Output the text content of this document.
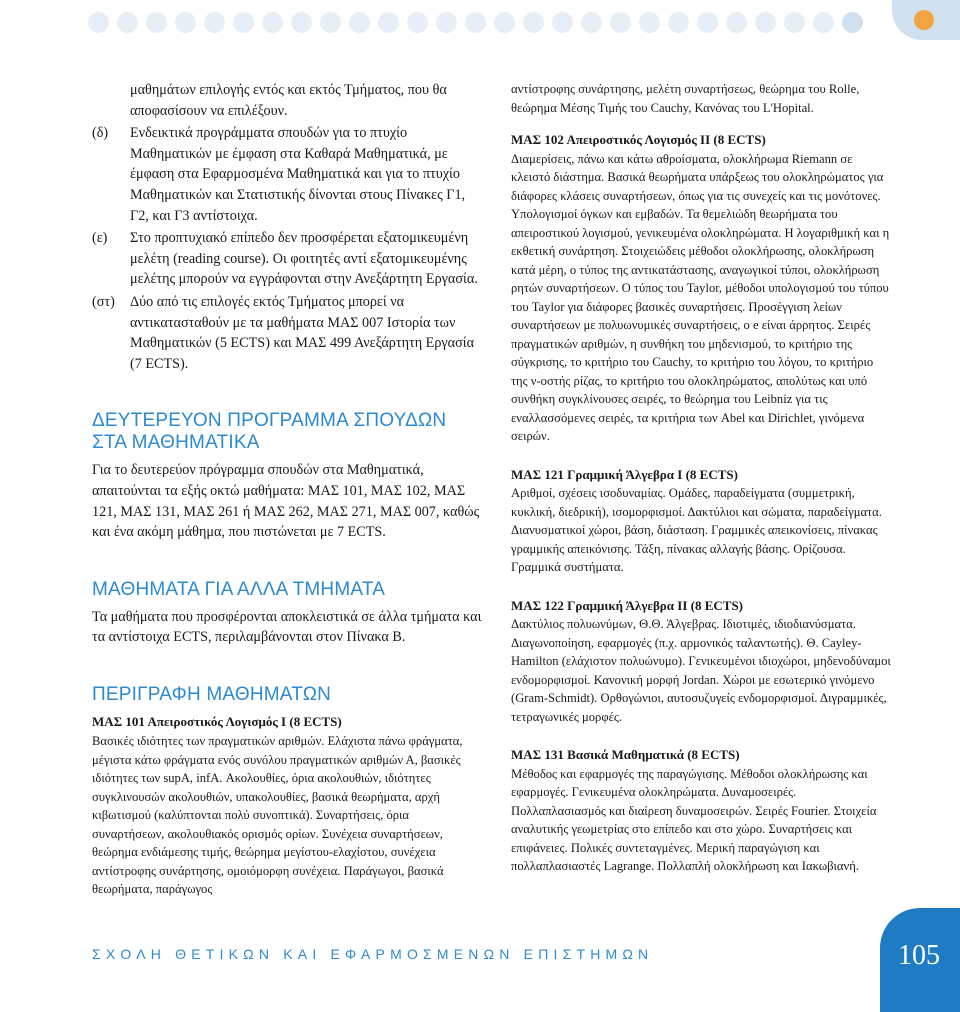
μαθημάτων επιλογής εντός και εκτός Τμήματος, που θα αποφασίσουν να επιλέξουν.

(δ)	Ενδεικτικά προγράμματα σπουδών για το πτυχίο Μαθηματικών με έμφαση στα Καθαρά Μαθηματικά, με έμφαση στα Εφαρμοσμένα Μαθηματικά και για το πτυχίο Μαθηματικών και Στατιστικής δίνονται στους Πίνακες Γ1, Γ2, και Γ3 αντίστοιχα.
(ε)	Στο προπτυχιακό επίπεδο δεν προσφέρεται εξατομικευμένη μελέτη (reading course). Οι φοιτητές αντί εξατομικευμένης μελέτης μπορούν να εγγράφονται στην Ανεξάρτητη Εργασία.
(στ)	Δύο από τις επιλογές εκτός Τμήματος μπορεί να αντικατασταθούν με τα μαθήματα ΜΑΣ 007 Ιστορία των Μαθηματικών (5 ECTS) και ΜΑΣ 499 Ανεξάρτητη Εργασία (7 ECTS).
ΔΕΥΤΕΡΕΥΟΝ ΠΡΟΓΡΑΜΜΑ ΣΠΟΥΔΩΝ ΣΤΑ ΜΑΘΗΜΑΤΙΚΑ

Για το δευτερεύον πρόγραμμα σπουδών στα Μαθηματικά, απαιτούνται τα εξής οκτώ μαθήματα: ΜΑΣ 101, ΜΑΣ 102, ΜΑΣ 121, ΜΑΣ 131, ΜΑΣ 261 ή ΜΑΣ 262, ΜΑΣ 271, ΜΑΣ 007, καθώς και ένα ακόμη μάθημα, που πιστώνεται με 7 ECTS.

ΜΑΘΗΜΑΤΑ ΓΙΑ ΑΛΛΑ ΤΜΗΜΑΤΑ

Τα μαθήματα που προσφέρονται αποκλειστικά σε άλλα τμήματα και τα αντίστοιχα ECTS, περιλαμβάνονται στον Πίνακα Β.

ΠΕΡΙΓΡΑΦΗ ΜΑΘΗΜΑΤΩΝ

ΜΑΣ 101 Απειροστικός Λογισμός Ι (8 ECTS)

Βασικές ιδιότητες των πραγματικών αριθμών. Ελάχιστα πάνω φράγματα, μέγιστα κάτω φράγματα ενός συνόλου πραγματικών αριθμών Α, βασικές ιδιότητες των supA, infA. Ακολουθίες, όρια ακολουθιών, ιδιότητες συγκλινουσών ακολουθιών, υπακολουθίες, βασικά θεωρήματα, αρχή κιβωτισμού (καλύπτονται πολύ συνοπτικά). Συναρτήσεις, όρια συναρτήσεων, ακολουθιακός ορισμός ορίων. Συνέχεια συναρτήσεων, θεώρημα ενδιάμεσης τιμής, θεώρημα μεγίστου-ελαχίστου, συνέχεια αντίστροφης συνάρτησης, ομοιόμορφη συνέχεια. Παράγωγοι, βασικά θεωρήματα, παράγωγος

αντίστροφης συνάρτησης, μελέτη συναρτήσεως, θεώρημα του Rolle, θεώρημα Μέσης Τιμής του Cauchy, Κανόνας του L'Hopital.

ΜΑΣ 102 Απειροστικός Λογισμός ΙΙ (8 ECTS)

Διαμερίσεις, πάνω και κάτω αθροίσματα, ολοκλήρωμα Riemann σε κλειστό διάστημα. Βασικά θεωρήματα υπάρξεως του ολοκληρώματος για διάφορες κλάσεις συναρτήσεων, όπως για τις συνεχείς και τις μονότονες. Υπολογισμοί όγκων και εμβαδών. Τα θεμελιώδη θεωρήματα του απειροστικού λογισμού, γενικευμένα ολοκληρώματα. Η λογαριθμική και η εκθετική συνάρτηση. Στοιχειώδεις μέθοδοι ολοκλήρωσης, ολοκλήρωση κατά μέρη, ο τύπος της αντικατάστασης, αναγωγικοί τύποι, ολοκλήρωση ρητών συναρτήσεων. Ο τύπος του Taylor, μέθοδοι υπολογισμού του τύπου του Taylor για διάφορες βασικές συναρτήσεις. Προσέγγιση λείων συναρτήσεων με πολυωνυμικές συναρτήσεις, ο e είναι άρρητος. Σειρές πραγματικών αριθμών, η συνθήκη του μηδενισμού, το κριτήριο της σύγκρισης, το κριτήριο του Cauchy, το κριτήριο του λόγου, το κριτήριο της ν-οστής ρίζας, το κριτήριο του ολοκληρώματος, απολύτως και υπό συνθήκη συγκλίνουσες σειρές, το θεώρημα του Leibniz για τις εναλλασσόμενες σειρές, τα κριτήρια των Abel και Dirichlet, γινόμενα σειρών.

ΜΑΣ 121 Γραμμική Άλγεβρα Ι (8 ECTS)

Αριθμοί, σχέσεις ισοδυναμίας. Ομάδες, παραδείγματα (συμμετρική, κυκλική, διεδρική), ισομορφισμοί. Δακτύλιοι και σώματα, παραδείγματα. Διανυσματικοί χώροι, βάση, διάσταση. Γραμμικές απεικονίσεις, πίνακας γραμμικής απεικόνισης. Τάξη, πίνακας αλλαγής βάσης. Ορίζουσα. Γραμμικά συστήματα.

ΜΑΣ 122 Γραμμική Άλγεβρα ΙΙ (8 ECTS)

Δακτύλιος πολυωνύμων, Θ.Θ. Άλγεβρας. Ιδιοτιμές, ιδιοδιανύσματα. Διαγωνοποίηση, εφαρμογές (π.χ. αρμονικός ταλαντωτής). Θ. Cayley-Hamilton (ελάχιστον πολυώνυμο). Γενικευμένοι ιδιοχώροι, μηδενοδύναμοι ενδομορφισμοί. Κανονική μορφή Jordan. Χώροι με εσωτερικό γινόμενο (Gram-Schmidt). Ορθογώνιοι, αυτοσυζυγείς ενδομορφισμοί. Διγραμμικές, τετραγωνικές μορφές.

ΜΑΣ 131 Βασικά Μαθηματικά (8 ECTS)

Μέθοδος και εφαρμογές της παραγώγισης. Μέθοδοι ολοκλήρωσης και εφαρμογές. Γενικευμένα ολοκληρώματα. Δυναμοσειρές. Πολλαπλασιασμός και διαίρεση δυναμοσειρών. Σειρές Fourier. Στοιχεία αναλυτικής γεωμετρίας στο επίπεδο και στο χώρο. Συναρτήσεις και επιφάνειες. Πολικές συντεταγμένες. Μερική παραγώγιση και πολλαπλασιαστές Lagrange. Πολλαπλή ολοκλήρωση και Ιακωβιανή.

ΣΧΟΛΗ ΘΕΤΙΚΩΝ ΚΑΙ ΕΦΑΡΜΟΣΜΕΝΩΝ ΕΠΙΣΤΗΜΩΝ	105
